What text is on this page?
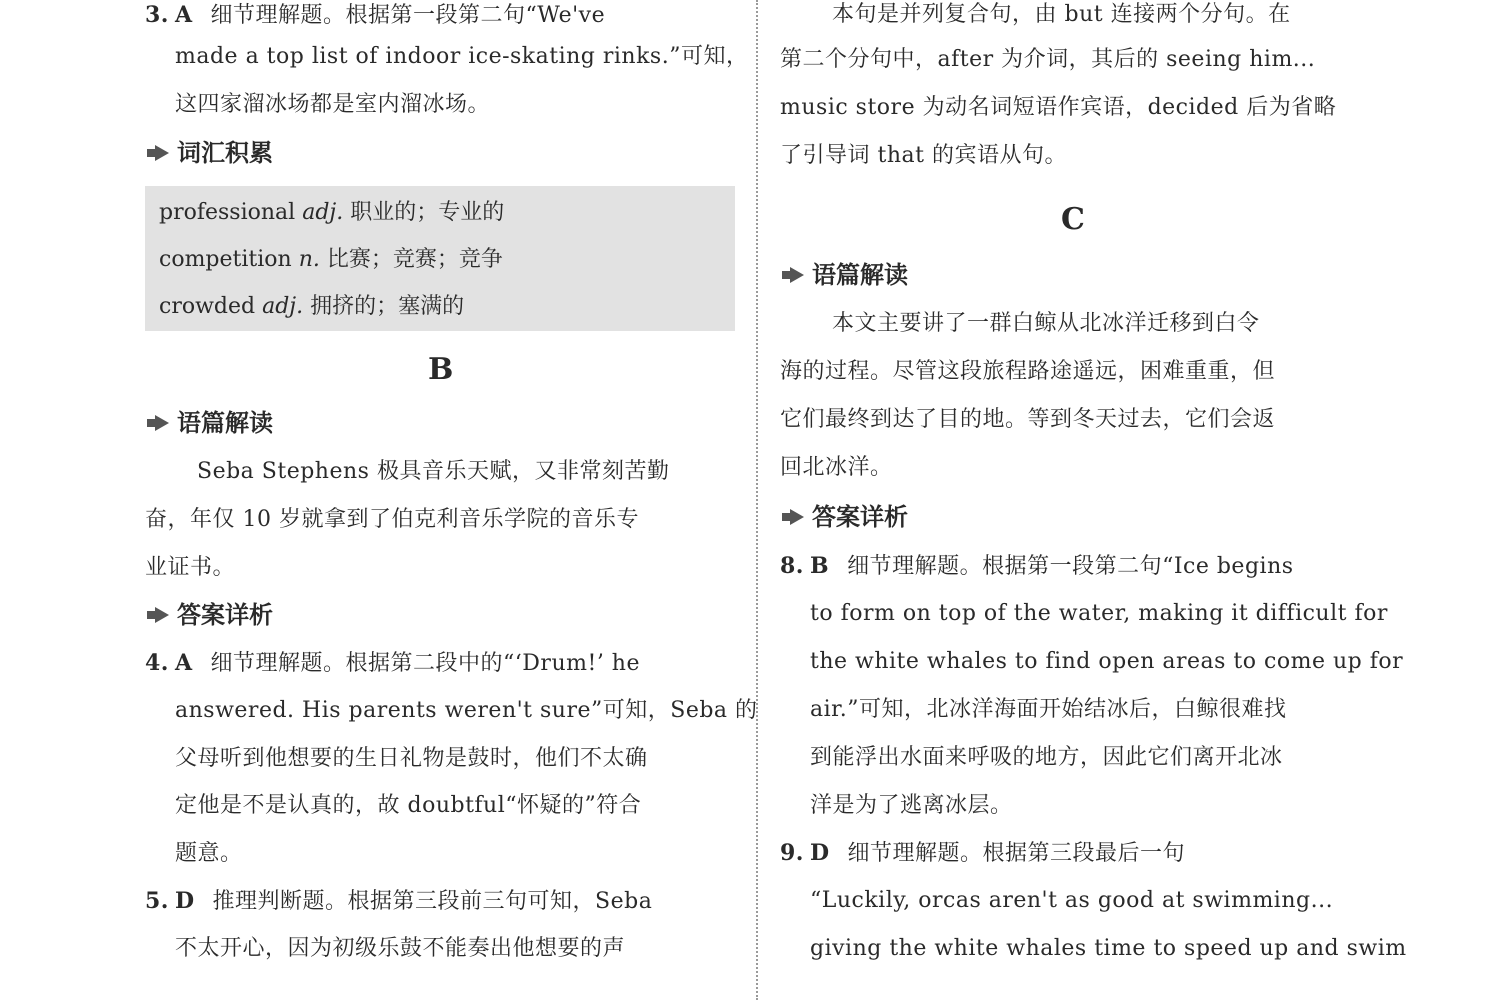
3. A 细节理解题。根据第一段第二句“We've
made a top list of indoor ice-skating rinks.”可知，
这四家溜冰场都是室内溜冰场。
词汇积累
professional adj. 职业的；专业的
competition n. 比赛；竞赛；竞争
crowded adj. 拥挤的；塞满的
B
语篇解读
Seba Stephens 极具音乐天赋，又非常刻苦勤
奋，年仅 10 岁就拿到了伯克利音乐学院的音乐专
业证书。
答案详析
4. A 细节理解题。根据第二段中的“‘Drum!’ he
answered. His parents weren't sure”可知，Seba 的
父母听到他想要的生日礼物是鼓时，他们不太确
定他是不是认真的，故 doubtful“怀疑的”符合
题意。
5. D 推理判断题。根据第三段前三句可知，Seba
不太开心，因为初级乐鼓不能奏出他想要的声
本句是并列复合句，由 but 连接两个分句。在
第二个分句中，after 为介词，其后的 seeing him...
music store 为动名词短语作宾语，decided 后为省略
了引导词 that 的宾语从句。
C
语篇解读
本文主要讲了一群白鲸从北冰洋迁移到白令
海的过程。尽管这段旅程路途遥远，困难重重，但
它们最终到达了目的地。等到冬天过去，它们会返
回北冰洋。
答案详析
8. B 细节理解题。根据第一段第二句“Ice begins
to form on top of the water, making it difficult for
the white whales to find open areas to come up for
air.”可知，北冰洋海面开始结冰后，白鲸很难找
到能浮出水面来呼吸的地方，因此它们离开北冰
洋是为了逃离冰层。
9. D 细节理解题。根据第三段最后一句
“Luckily, orcas aren't as good at swimming...
giving the white whales time to speed up and swim
